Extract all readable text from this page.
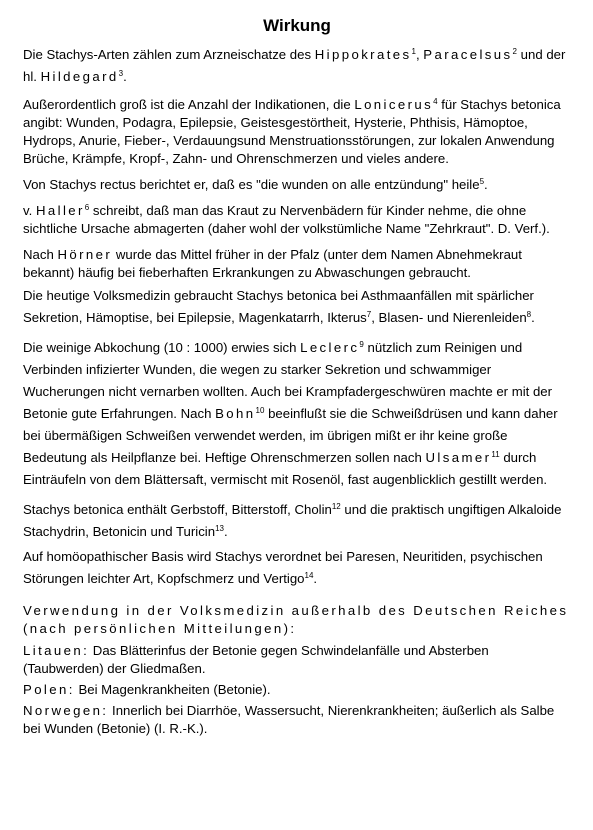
Wirkung

Die Stachys-Arten zählen zum Arzneischatze des Hippokrates$^1$, Paracelsus$^2$ und der hl. Hildegard$^3$.

Außerordentlich groß ist die Anzahl der Indikationen, die Lonicerus$^4$ für Stachys betonica angibt: Wunden, Podagra, Epilepsie, Geistesgestörtheit, Hysterie, Phthisis, Hämoptoe, Hydrops, Anurie, Fieber-, Verdauungsund Menstruationsstörungen, zur lokalen Anwendung Brüche, Krämpfe, Kropf-, Zahn- und Ohrenschmerzen und vieles andere.

Von Stachys rectus berichtet er, daß es "die wunden on alle entzündung" heile$^5$.

v. Haller$^6$ schreibt, daß man das Kraut zu Nervenbädern für Kinder nehme, die ohne sichtliche Ursache abmagerten (daher wohl der volkstümliche Name "Zehrkraut". D. Verf.).

Nach Hörner wurde das Mittel früher in der Pfalz (unter dem Namen Abnehmekraut bekannt) häufig bei fieberhaften Erkrankungen zu Abwaschungen gebraucht.

Die heutige Volksmedizin gebraucht Stachys betonica bei Asthmaanfällen mit spärlicher Sekretion, Hämoptise, bei Epilepsie, Magenkatarrh, Ikterus$^7$, Blasen- und Nierenleiden$^8$.

Die weinige Abkochung (10 : 1000) erwies sich Leclerc$^9$ nützlich zum Reinigen und Verbinden infizierter Wunden, die wegen zu starker Sekretion und schwammiger Wucherungen nicht vernarben wollten. Auch bei Krampfadergeschwüren machte er mit der Betonie gute Erfahrungen. Nach Bohn$^{10}$ beeinflußt sie die Schweißdrüsen und kann daher bei übermäßigen Schweißen verwendet werden, im übrigen mißt er ihr keine große Bedeutung als Heilpflanze bei. Heftige Ohrenschmerzen sollen nach Ulsamer$^{11}$ durch Einträufeln von dem Blättersaft, vermischt mit Rosenöl, fast augenblicklich gestillt werden.

Stachys betonica enthält Gerbstoff, Bitterstoff, Cholin$^{12}$ und die praktisch ungiftigen Alkaloide Stachydrin, Betonicin und Turicin$^{13}$.

Auf homöopathischer Basis wird Stachys verordnet bei Paresen, Neuritiden, psychischen Störungen leichter Art, Kopfschmerz und Vertigo$^{14}$.

Verwendung in der Volksmedizin außerhalb des Deutschen Reiches (nach persönlichen Mitteilungen):

Litauen: Das Blätterinfus der Betonie gegen Schwindelanfälle und Absterben (Taubwerden) der Gliedmaßen.

Polen: Bei Magenkrankheiten (Betonie).

Norwegen: Innerlich bei Diarrhöe, Wassersucht, Nierenkrankheiten; äußerlich als Salbe bei Wunden (Betonie) (I. R.-K.).
